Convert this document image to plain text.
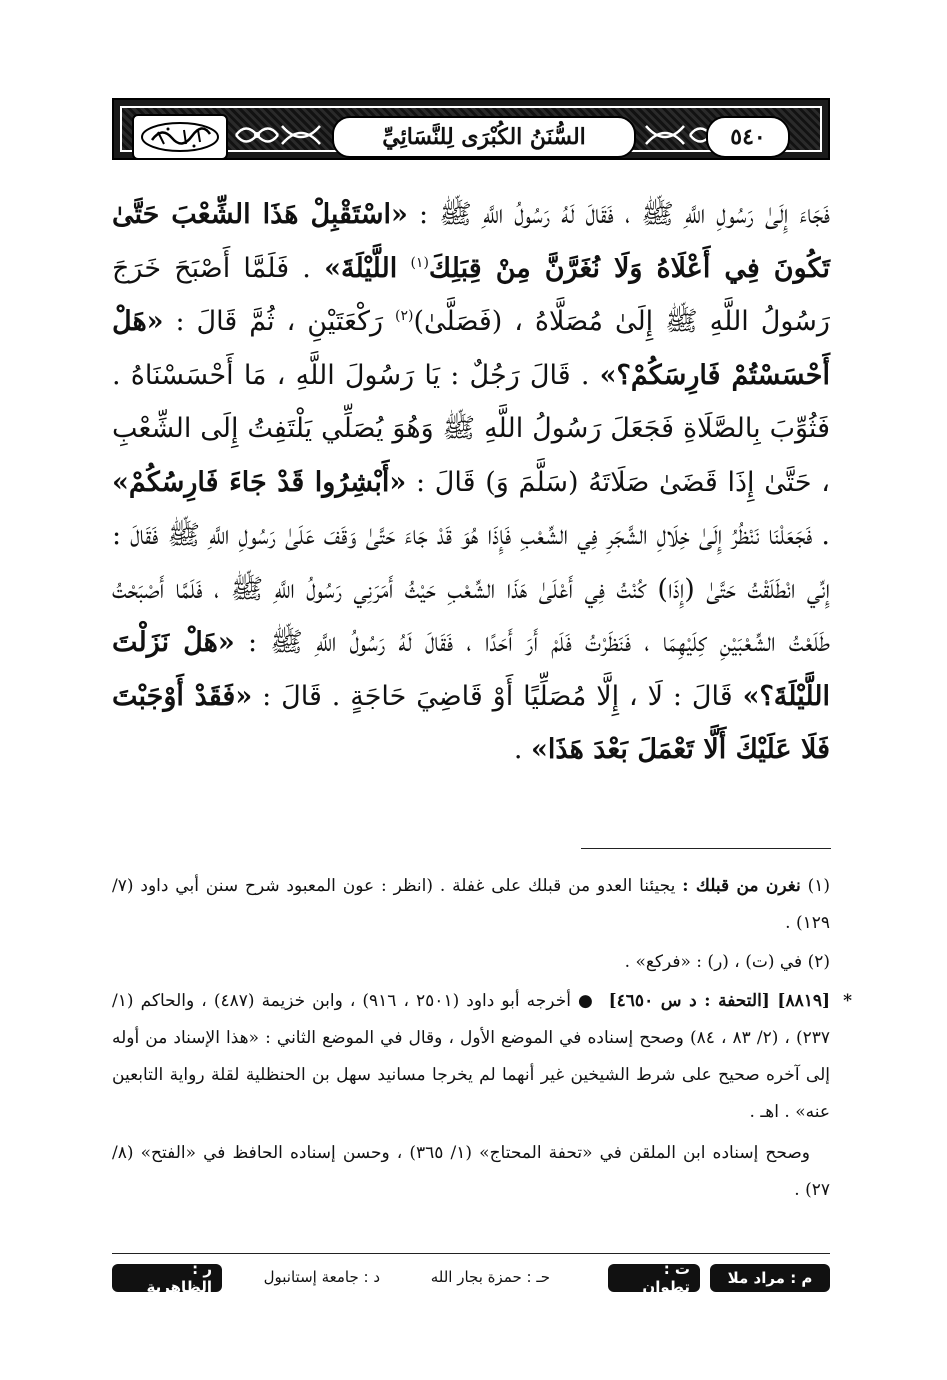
السُّنَنُ الكُبْرَى لِلنَّسَائِيِّ	٥٤٠

فَجَاءَ إِلَىٰ رَسُولِ اللَّهِ ﷺ ، فَقَالَ لَهُ رَسُولُ اللَّهِ ﷺ : «اسْتَقْبِلْ هَذَا الشِّعْبَ حَتَّىٰ تَكُونَ فِي أَعْلَاهُ وَلَا نُغَرَّنَّ مِنْ قِبَلِكَ$^{(١)}$ اللَّيْلَةَ» . فَلَمَّا أَصْبَحَ خَرَجَ رَسُولُ اللَّهِ ﷺ إِلَىٰ مُصَلَّاهُ ، (فَصَلَّىٰ)$^{(٢)}$ رَكْعَتَيْنِ ، ثُمَّ قَالَ : «هَلْ أَحْسَسْتُمْ فَارِسَكُمْ؟» . قَالَ رَجُلٌ : يَا رَسُولَ اللَّهِ ، مَا أَحْسَسْنَاهُ . فَثُوِّبَ بِالصَّلَاةِ فَجَعَلَ رَسُولُ اللَّهِ ﷺ وَهُوَ يُصَلِّي يَلْتَفِتُ إِلَى الشِّعْبِ ، حَتَّىٰ إِذَا قَضَىٰ صَلَاتَهُ (سَلَّمَ وَ) قَالَ : «أَبْشِرُوا قَدْ جَاءَ فَارِسُكُمْ» . فَجَعَلْنَا نَنْظُرُ إِلَىٰ خِلَالِ الشَّجَرِ فِي الشِّعْبِ فَإِذَا هُوَ قَدْ جَاءَ حَتَّىٰ وَقَفَ عَلَىٰ رَسُولِ اللَّهِ ﷺ فَقَالَ : إِنِّي انْطَلَقْتُ حَتَّىٰ (إِذَا) كُنْتُ فِي أَعْلَىٰ هَذَا الشِّعْبِ حَيْثُ أَمَرَنِي رَسُولُ اللَّهِ ﷺ ، فَلَمَّا أَصْبَحْتُ طَلَعْتُ الشِّعْبَيْنِ كِلَيْهِمَا ، فَنَظَرْتُ فَلَمْ أَرَ أَحَدًا ، فَقَالَ لَهُ رَسُولُ اللَّهِ ﷺ : «هَلْ نَزَلْتَ اللَّيْلَةَ؟» قَالَ : لَا ، إِلَّا مُصَلِّيًا أَوْ قَاضِيَ حَاجَةٍ . قَالَ : «فَقَدْ أَوْجَبْتَ فَلَا عَلَيْكَ أَلَّا تَعْمَلَ بَعْدَ هَذَا» .

(١) نغرن من قبلك : يجيئنا العدو من قبلك على غفلة . (انظر : عون المعبود شرح سنن أبي داود (٧/ ١٢٩) .

(٢) في (ت) ، (ر) : «فركع» .

*
[٨٨١٩] [التحفة : د س ٤٦٥٠]  ● أخرجه أبو داود (٢٥٠١ ، ٩١٦) ، وابن خزيمة (٤٨٧) ، والحاكم (١/ ٢٣٧) ، (٢/ ٨٣ ، ٨٤) وصحح إسناده في الموضع الأول ، وقال في الموضع الثاني : «هذا الإسناد من أوله إلى آخره صحيح على شرط الشيخين غير أنهما لم يخرجا مسانيد سهل بن الحنظلية لقلة رواية التابعين عنه» . اهـ .

وصحح إسناده ابن الملقن في «تحفة المحتاج» (١/ ٣٦٥) ، وحسن إسناده الحافظ في «الفتح» (٨/ ٢٧) .

م : مراد ملا
ت : تطوان
حـ : حمزة بجار الله
د : جامعة إستانبول
ر : الظاهرية
